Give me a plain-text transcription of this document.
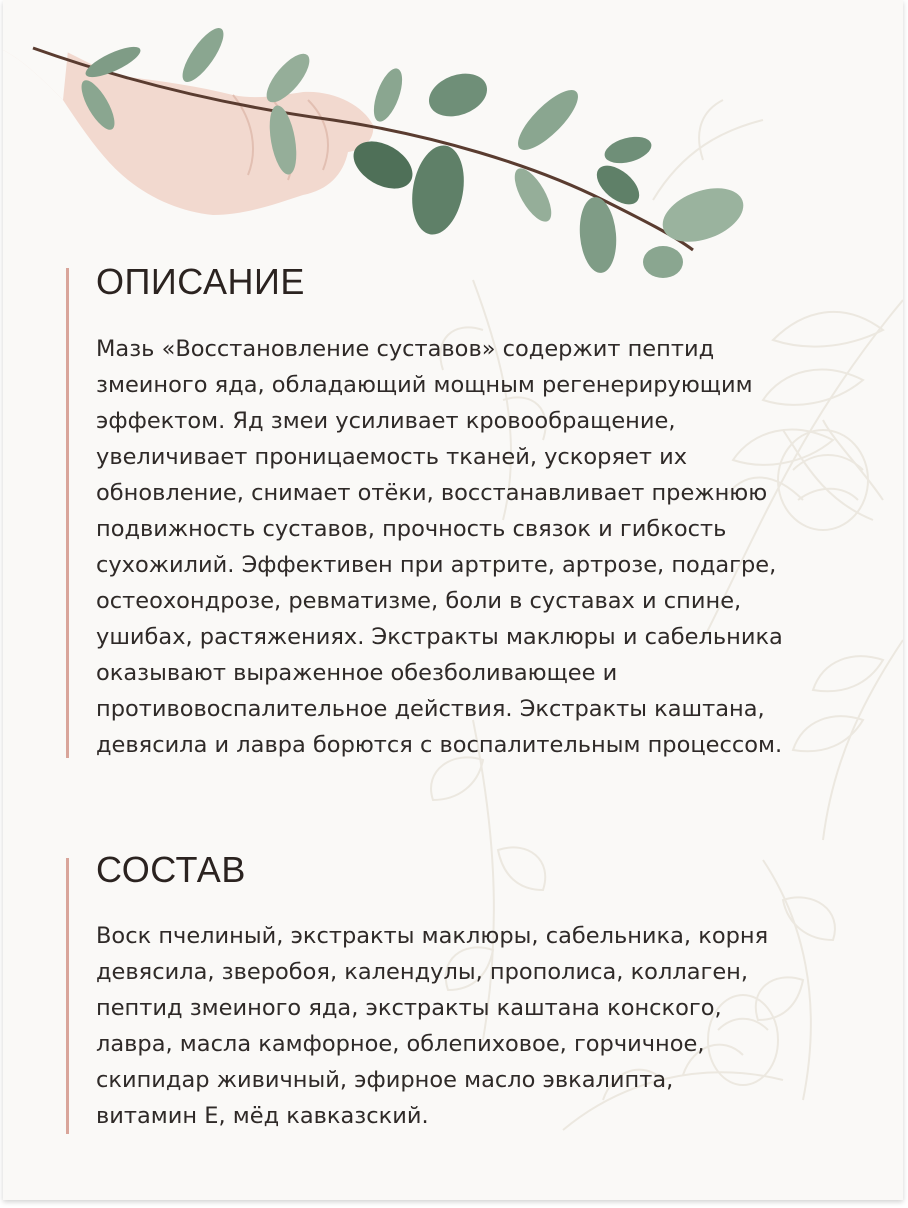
ОПИСАНИЕ
Мазь «Восстановление суставов» содержит пептид
змеиного яда, обладающий мощным регенерирующим
эффектом. Яд змеи усиливает кровообращение,
увеличивает проницаемость тканей, ускоряет их
обновление, снимает отёки, восстанавливает прежнюю
подвижность суставов, прочность связок и гибкость
сухожилий. Эффективен при артрите, артрозе, подагре,
остеохондрозе, ревматизме, боли в суставах и спине,
ушибах, растяжениях. Экстракты маклюры и сабельника
оказывают выраженное обезболивающее и
противовоспалительное действия. Экстракты каштана,
девясила и лавра борются с воспалительным процессом.
СОСТАВ
Воск пчелиный, экстракты маклюры, сабельника, корня
девясила, зверобоя, календулы, прополиса, коллаген,
пептид змеиного яда, экстракты каштана конского,
лавра, масла камфорное, облепиховое, горчичное,
скипидар живичный, эфирное масло эвкалипта,
витамин Е, мёд кавказский.
